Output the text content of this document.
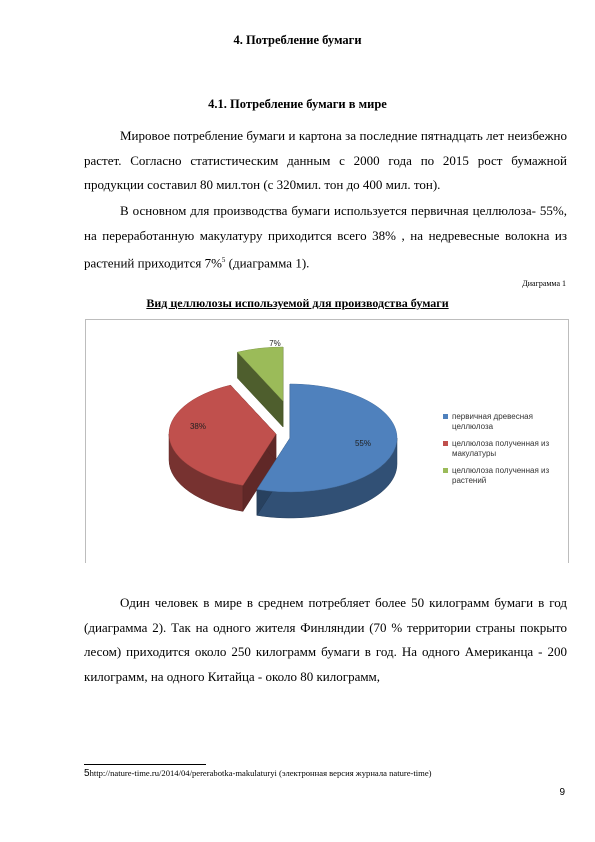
4. Потребление бумаги
4.1. Потребление бумаги в мире

Мировое потребление бумаги и картона за последние пятнадцать лет неизбежно растет. Согласно статистическим данным с 2000 года по 2015 рост бумажной продукции составил 80 мил.тон (с 320мил. тон до 400 мил. тон).

В основном для производства бумаги используется первичная целлюлоза- 55%, на переработанную макулатуру приходится всего 38% , на недревесные волокна из растений приходится 7%$^5$ (диаграмма 1).

Диаграмма 1
Вид целлюлозы используемой для производства бумаги
55%
38%
7%
первичная древесная
целлюлоза
целлюлоза полученная из
макулатуры
целлюлоза полученная из
растений

Один человек в мире в среднем потребляет более 50 килограмм бумаги в год (диаграмма 2). Так на одного жителя Финляндии (70 % территории страны покрыто лесом) приходится около 250 килограмм бумаги в год. На одного Американца - 200 килограмм, на одного Китайца - около 80 килограмм,

5http://nature-time.ru/2014/04/pererabotka-makulaturyi (электронная версия журнала nature-time)
9
